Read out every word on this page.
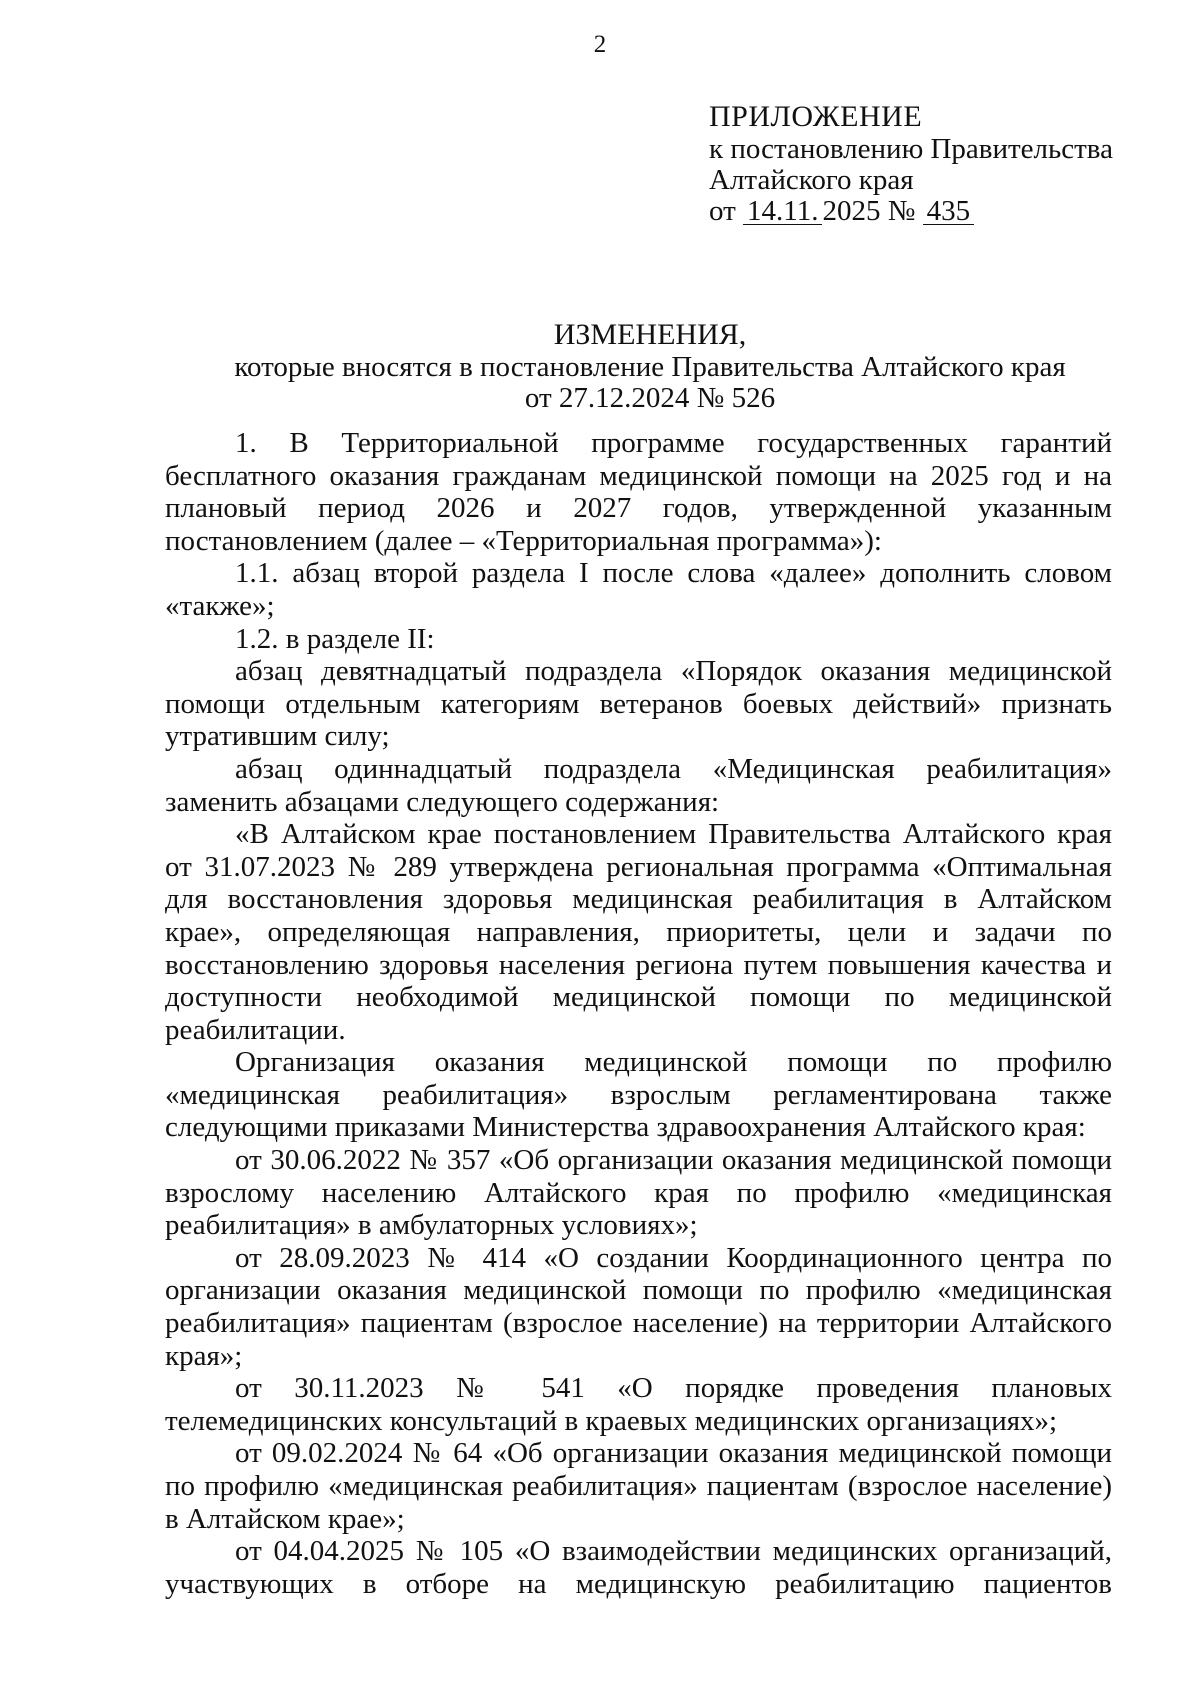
2
ПРИЛОЖЕНИЕ
к постановлению Правительства
Алтайского края
от 14.11. 2025 № 435
ИЗМЕНЕНИЯ,
которые вносятся в постановление Правительства Алтайского края
от 27.12.2024 № 526

1. В Территориальной программе государственных гарантий бесплатного оказания гражданам медицинской помощи на 2025 год и на плановый период 2026 и 2027 годов, утвержденной указанным постановлением (далее – «Территориальная программа»):

1.1. абзац второй раздела I после слова «далее» дополнить словом «также»;

1.2. в разделе II:

абзац девятнадцатый подраздела «Порядок оказания медицинской помощи отдельным категориям ветеранов боевых действий» признать утратившим силу;

абзац одиннадцатый подраздела «Медицинская реабилитация» заменить абзацами следующего содержания:

«В Алтайском крае постановлением Правительства Алтайского края от 31.07.2023 № 289 утверждена региональная программа «Оптимальная для восстановления здоровья медицинская реабилитация в Алтайском крае», определяющая направления, приоритеты, цели и задачи по восстановлению здоровья населения региона путем повышения качества и доступности необходимой медицинской помощи по медицинской реабилитации.

Организация оказания медицинской помощи по профилю «медицинская реабилитация» взрослым регламентирована также следующими приказами Министерства здравоохранения Алтайского края:

от 30.06.2022 № 357 «Об организации оказания медицинской помощи взрослому населению Алтайского края по профилю «медицинская реабилитация» в амбулаторных условиях»;

от 28.09.2023 № 414 «О создании Координационного центра по организации оказания медицинской помощи по профилю «медицинская реабилитация» пациентам (взрослое население) на территории Алтайского края»;

от 30.11.2023 № 541 «О порядке проведения плановых телемедицинских консультаций в краевых медицинских организациях»;

от 09.02.2024 № 64 «Об организации оказания медицинской помощи по профилю «медицинская реабилитация» пациентам (взрослое население) в Алтайском крае»;

от 04.04.2025 № 105 «О взаимодействии медицинских организаций, участвующих в отборе на медицинскую реабилитацию пациентов
